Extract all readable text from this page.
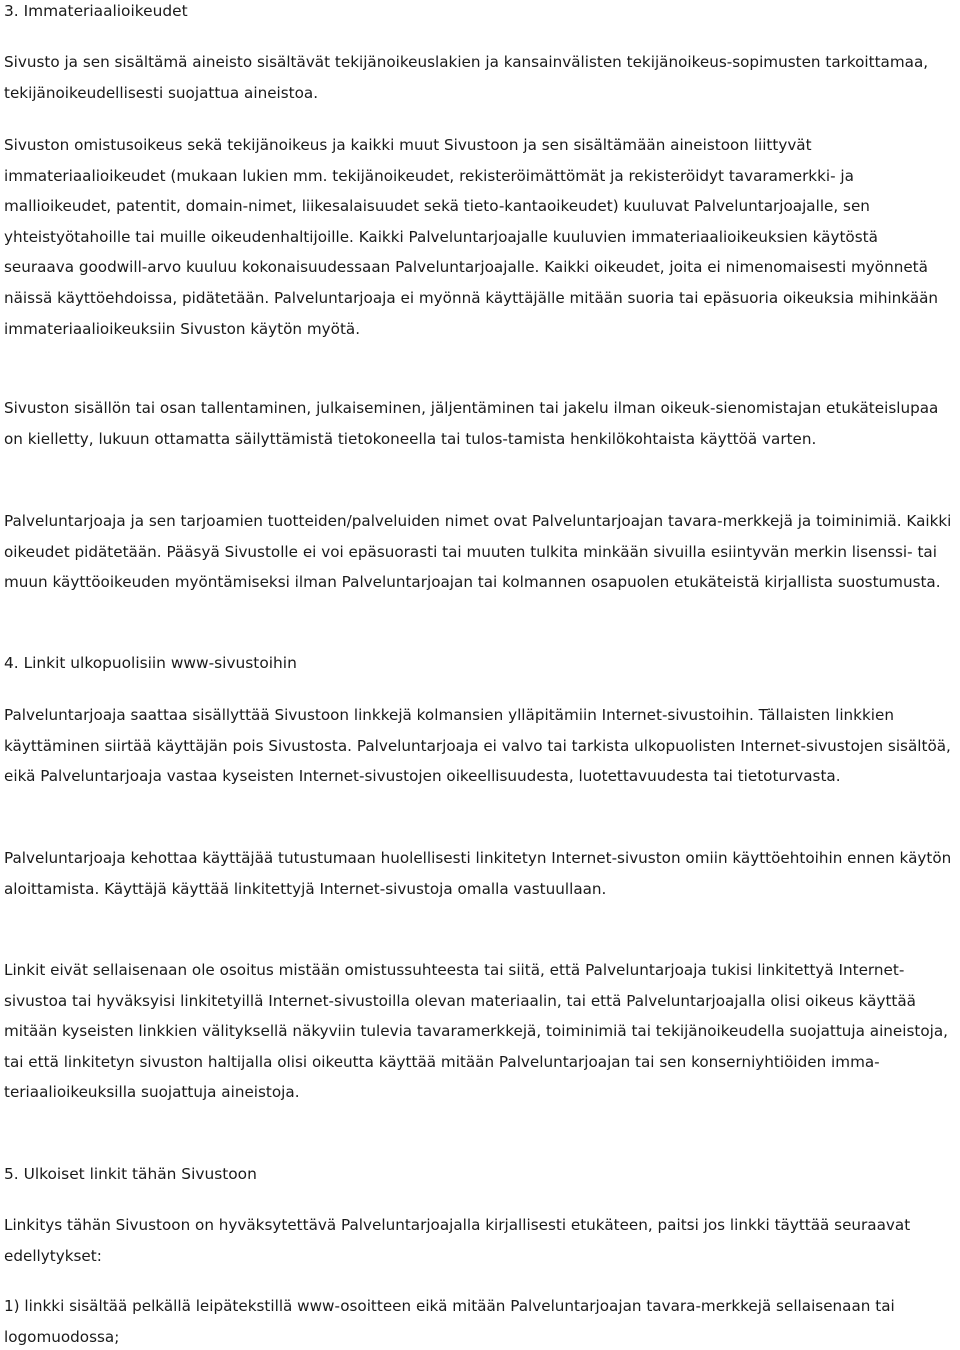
3. Immateriaalioikeudet

Sivusto ja sen sisältämä aineisto sisältävät tekijänoikeuslakien ja kansainvälisten tekijänoikeus-sopimusten tarkoittamaa, tekijänoikeudellisesti suojattua aineistoa.

Sivuston omistusoikeus sekä tekijänoikeus ja kaikki muut Sivustoon ja sen sisältämään aineistoon liittyvät immateriaalioikeudet (mukaan lukien mm. tekijänoikeudet, rekisteröimättömät ja rekisteröidyt tavaramerkki- ja mallioikeudet, patentit, domain-nimet, liikesalaisuudet sekä tieto-kantaoikeudet) kuuluvat Palveluntarjoajalle, sen yhteistyötahoille tai muille oikeudenhaltijoille. Kaikki Palveluntarjoajalle kuuluvien immateriaalioikeuksien käytöstä seuraava goodwill-arvo kuuluu kokonaisuudessaan Palveluntarjoajalle. Kaikki oikeudet, joita ei nimenomaisesti myönnetä näissä käyttöehdoissa, pidätetään. Palveluntarjoaja ei myönnä käyttäjälle mitään suoria tai epäsuoria oikeuksia mihinkään immateriaalioikeuksiin Sivuston käytön myötä.

Sivuston sisällön tai osan tallentaminen, julkaiseminen, jäljentäminen tai jakelu ilman oikeuk-sienomistajan etukäteislupaa on kielletty, lukuun ottamatta säilyttämistä tietokoneella tai tulos-tamista henkilökohtaista käyttöä varten.

Palveluntarjoaja ja sen tarjoamien tuotteiden/palveluiden nimet ovat Palveluntarjoajan tavara-merkkejä ja toiminimiä. Kaikki oikeudet pidätetään. Pääsyä Sivustolle ei voi epäsuorasti tai muuten tulkita minkään sivuilla esiintyvän merkin lisenssi- tai muun käyttöoikeuden myöntämiseksi ilman Palveluntarjoajan tai kolmannen osapuolen etukäteistä kirjallista suostumusta.

4. Linkit ulkopuolisiin www-sivustoihin

Palveluntarjoaja saattaa sisällyttää Sivustoon linkkejä kolmansien ylläpitämiin Internet-sivustoihin. Tällaisten linkkien käyttäminen siirtää käyttäjän pois Sivustosta. Palveluntarjoaja ei valvo tai tarkista ulkopuolisten Internet-sivustojen sisältöä, eikä Palveluntarjoaja vastaa kyseisten Internet-sivustojen oikeellisuudesta, luotettavuudesta tai tietoturvasta.

Palveluntarjoaja kehottaa käyttäjää tutustumaan huolellisesti linkitetyn Internet-sivuston omiin käyttöehtoihin ennen käytön aloittamista. Käyttäjä käyttää linkitettyjä Internet-sivustoja omalla vastuullaan.

Linkit eivät sellaisenaan ole osoitus mistään omistussuhteesta tai siitä, että Palveluntarjoaja tukisi linkitettyä Internet-sivustoa tai hyväksyisi linkitetyillä Internet-sivustoilla olevan materiaalin, tai että Palveluntarjoajalla olisi oikeus käyttää mitään kyseisten linkkien välityksellä näkyviin tulevia tavaramerkkejä, toiminimiä tai tekijänoikeudella suojattuja aineistoja, tai että linkitetyn sivuston haltijalla olisi oikeutta käyttää mitään Palveluntarjoajan tai sen konserniyhtiöiden imma-teriaalioikeuksilla suojattuja aineistoja.

5. Ulkoiset linkit tähän Sivustoon

Linkitys tähän Sivustoon on hyväksytettävä Palveluntarjoajalla kirjallisesti etukäteen, paitsi jos linkki täyttää seuraavat edellytykset:

1) linkki sisältää pelkällä leipätekstillä www-osoitteen eikä mitään Palveluntarjoajan tavara-merkkejä sellaisenaan tai logomuodossa;
